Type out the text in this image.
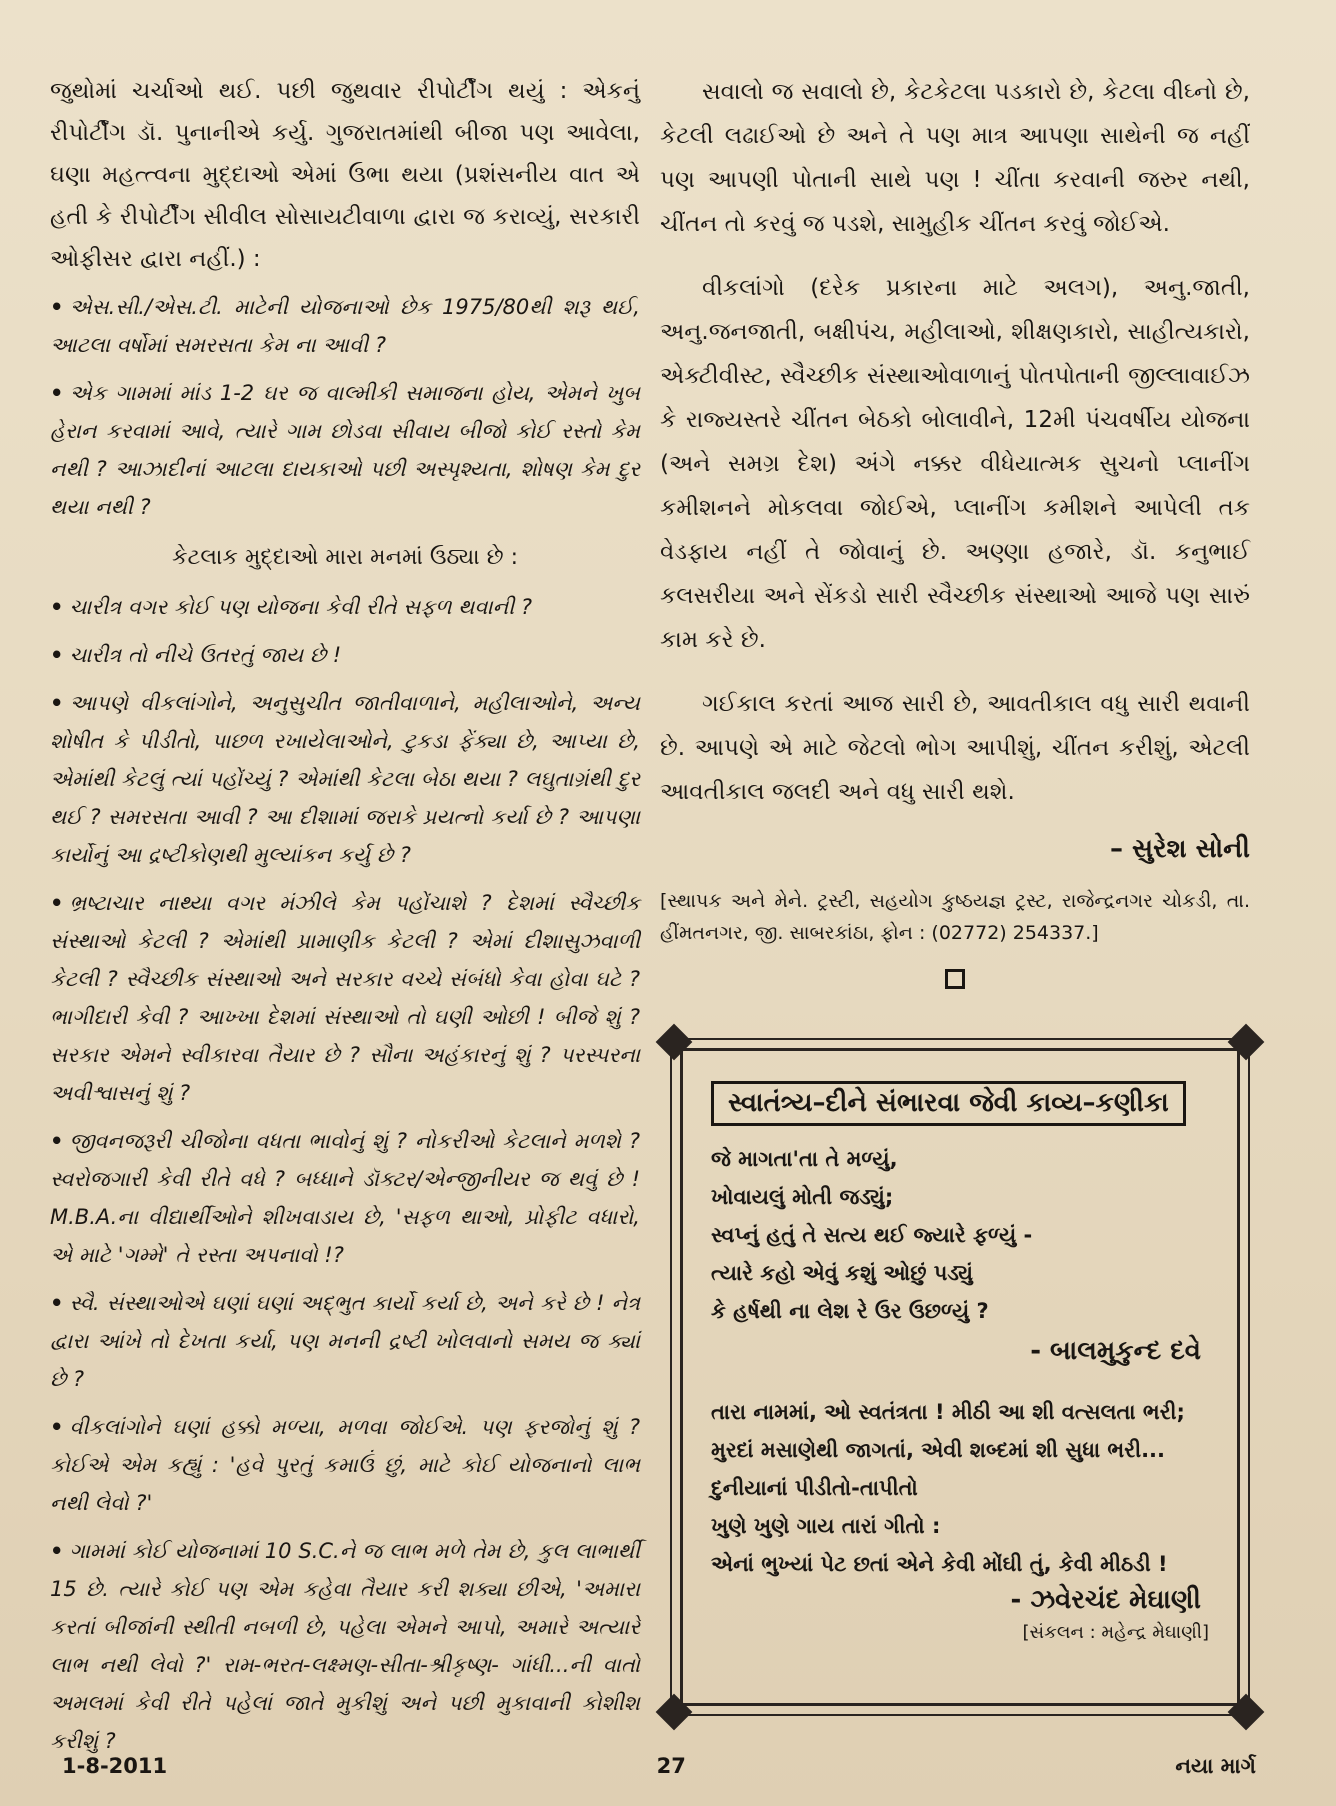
જુથોમાં ચર્ચાઓ થઈ. પછી જુથવાર રીપોર્ટીંગ થયું : એકનું રીપોર્ટીંગ ડૉ. પુનાનીએ કર્યુ. ગુજરાતમાંથી બીજા પણ આવેલા, ઘણા મહત્ત્વના મુદ્દાઓ એમાં ઉભા થયા (પ્રશંસનીય વાત એ હતી કે રીપોર્ટીંગ સીવીલ સોસાયટીવાળા દ્વારા જ કરાવ્યું, સરકારી ઓફીસર દ્વારા નહીં.) :

• એસ.સી./એસ.ટી. માટેની યોજનાઓ છેક 1975/80થી શરૂ થઈ, આટલા વર્ષોમાં સમરસતા કેમ ના આવી ?
• એક ગામમાં માંડ 1-2 ઘર જ વાલ્મીકી સમાજના હોય, એમને ખુબ હેરાન કરવામાં આવે, ત્યારે ગામ છોડવા સીવાય બીજો કોઈ રસ્તો કેમ નથી ? આઝાદીનાં આટલા દાયકાઓ પછી અસ્પૃશ્યતા, શોષણ કેમ દુર થયા નથી ?

કેટલાક મુદ્દાઓ મારા મનમાં ઉઠ્યા છે :

• ચારીત્ર વગર કોઈ પણ યોજના કેવી રીતે સફળ થવાની ?
• ચારીત્ર તો નીચે ઉતરતું જાય છે !
• આપણે વીકલાંગોને, અનુસુચીત જાતીવાળાને, મહીલાઓને, અન્ય શોષીત કે પીડીતો, પાછળ રખાયેલાઓને, ટુકડા ફેંક્યા છે, આપ્યા છે, એમાંથી કેટલું ત્યાં પહોંચ્યું ? એમાંથી કેટલા બેઠા થયા ? લઘુતાગ્રંથી દુર થઈ ? સમરસતા આવી ? આ દીશામાં જરાકે પ્રયત્નો કર્યા છે ? આપણા કાર્યોનું આ દ્રષ્ટીકોણથી મુલ્યાંકન કર્યુ છે ?
• ભ્રષ્ટાચાર નાથ્યા વગર મંઝીલે કેમ પહોંચાશે ? દેશમાં સ્વૈચ્છીક સંસ્થાઓ કેટલી ? એમાંથી પ્રામાણીક કેટલી ? એમાં દીશાસુઝવાળી કેટલી ? સ્વૈચ્છીક સંસ્થાઓ અને સરકાર વચ્ચે સંબંધો કેવા હોવા ઘટે ? ભાગીદારી કેવી ? આખ્ખા દેશમાં સંસ્થાઓ તો ઘણી ઓછી ! બીજે શું ? સરકાર એમને સ્વીકારવા તૈયાર છે ? સૌના અહંકારનું શું ? પરસ્પરના અવીશ્વાસનું શું ?
• જીવનજરૂરી ચીજોના વધતા ભાવોનું શું ? નોકરીઓ કેટલાને મળશે ? સ્વરોજગારી કેવી રીતે વધે ? બધ્ધાને ડૉક્ટર/એન્જીનીયર જ થવું છે ! M.B.A.ના વીદ્યાર્થીઓને શીખવાડાય છે, 'સફળ થાઓ, પ્રોફીટ વધારો, એ માટે 'ગમ્મે' તે રસ્તા અપનાવો !?
• સ્વૈ. સંસ્થાઓએ ઘણાં ઘણાં અદ્ભુત કાર્યો કર્યા છે, અને કરે છે ! નેત્ર દ્વારા આંખે તો દેખતા કર્યા, પણ મનની દ્રષ્ટી ખોલવાનો સમય જ ક્યાં છે ?
• વીકલાંગોને ઘણાં હક્કો મળ્યા, મળવા જોઈએ. પણ ફરજોનું શું ? કોઈએ એમ કહ્યું : 'હવે પુરતું કમાઉં છું, માટે કોઈ યોજનાનો લાભ નથી લેવો ?'
• ગામમાં કોઈ યોજનામાં 10 S.C.ને જ લાભ મળે તેમ છે, કુલ લાભાર્થી 15 છે. ત્યારે કોઈ પણ એમ કહેવા તૈયાર કરી શક્યા છીએ, 'અમારા કરતાં બીજાંની સ્થીતી નબળી છે, પહેલા એમને આપો, અમારે અત્યારે લાભ નથી લેવો ?' રામ-ભરત-લક્ષ્મણ-સીતા-શ્રીકૃષ્ણ- ગાંધી...ની વાતો અમલમાં કેવી રીતે પહેલાં જાતે મુકીશું અને પછી મુકાવાની કોશીશ કરીશું ?

સવાલો જ સવાલો છે, કેટકેટલા પડકારો છે, કેટલા વીઘ્નો છે, કેટલી લઢાઈઓ છે અને તે પણ માત્ર આપણા સાથેની જ નહીં પણ આપણી પોતાની સાથે પણ ! ચીંતા કરવાની જરુર નથી, ચીંતન તો કરવું જ પડશે, સામુહીક ચીંતન કરવું જોઈએ.

વીકલાંગો (દરેક પ્રકારના માટે અલગ), અનુ.જાતી, અનુ.જનજાતી, બક્ષીપંચ, મહીલાઓ, શીક્ષણકારો, સાહીત્યકારો, એક્ટીવીસ્ટ, સ્વૈચ્છીક સંસ્થાઓવાળાનું પોતપોતાની જીલ્લાવાઈઝ કે રાજ્યસ્તરે ચીંતન બેઠકો બોલાવીને, 12મી પંચવર્ષીય યોજના (અને સમગ્ર દેશ) અંગે નક્કર વીધેયાત્મક સુચનો પ્લાનીંગ કમીશનને મોકલવા જોઈએ, પ્લાનીંગ કમીશને આપેલી તક વેડફાય નહીં તે જોવાનું છે. અણ્ણા હજારે, ડૉ. કનુભાઈ કલસરીયા અને સેંકડો સારી સ્વૈચ્છીક સંસ્થાઓ આજે પણ સારું કામ કરે છે.

ગઈકાલ કરતાં આજ સારી છે, આવતીકાલ વધુ સારી થવાની છે. આપણે એ માટે જેટલો ભોગ આપીશું, ચીંતન કરીશું, એટલી આવતીકાલ જલદી અને વધુ સારી થશે.

– સુરેશ સોની

[સ્થાપક અને મેને. ટ્રસ્ટી, સહયોગ કુષ્ઠયજ્ઞ ટ્રસ્ટ, રાજેન્દ્રનગર ચોકડી, તા. હીંમતનગર, જી. સાબરકાંઠા, ફોન : (02772) 254337.]

સ્વાતંત્ર્ય–દીને સંભારવા જેવી કાવ્ય–કણીકા

જે માગતા'તા તે મળ્યું,

ખોવાયલું મોતી જડ્યું;

સ્વપ્નું હતું તે સત્ય થઈ જ્યારે ફળ્યું -

ત્યારે કહો એવું કશું ઓછું પડ્યું

કે હર્ષથી ના લેશ રે ઉર ઉછળ્યું ?

- બાલમુકુન્દ દવે

તારા નામમાં, ઓ સ્વતંત્રતા ! મીઠી આ શી વત્સલતા ભરી;

મુરદાં મસાણેથી જાગતાં, એવી શબ્દમાં શી સુધા ભરી...

દુનીયાનાં પીડીતો-તાપીતો

ખુણે ખુણે ગાય તારાં ગીતો :

એનાં ભુખ્યાં પેટ છતાં એને કેવી મોંઘી તું, કેવી મીઠડી !

- ઝવેરચંદ મેઘાણી

[સંકલન : મહેન્દ્ર મેઘાણી]

1-8-2011	27	નયા માર્ગ
